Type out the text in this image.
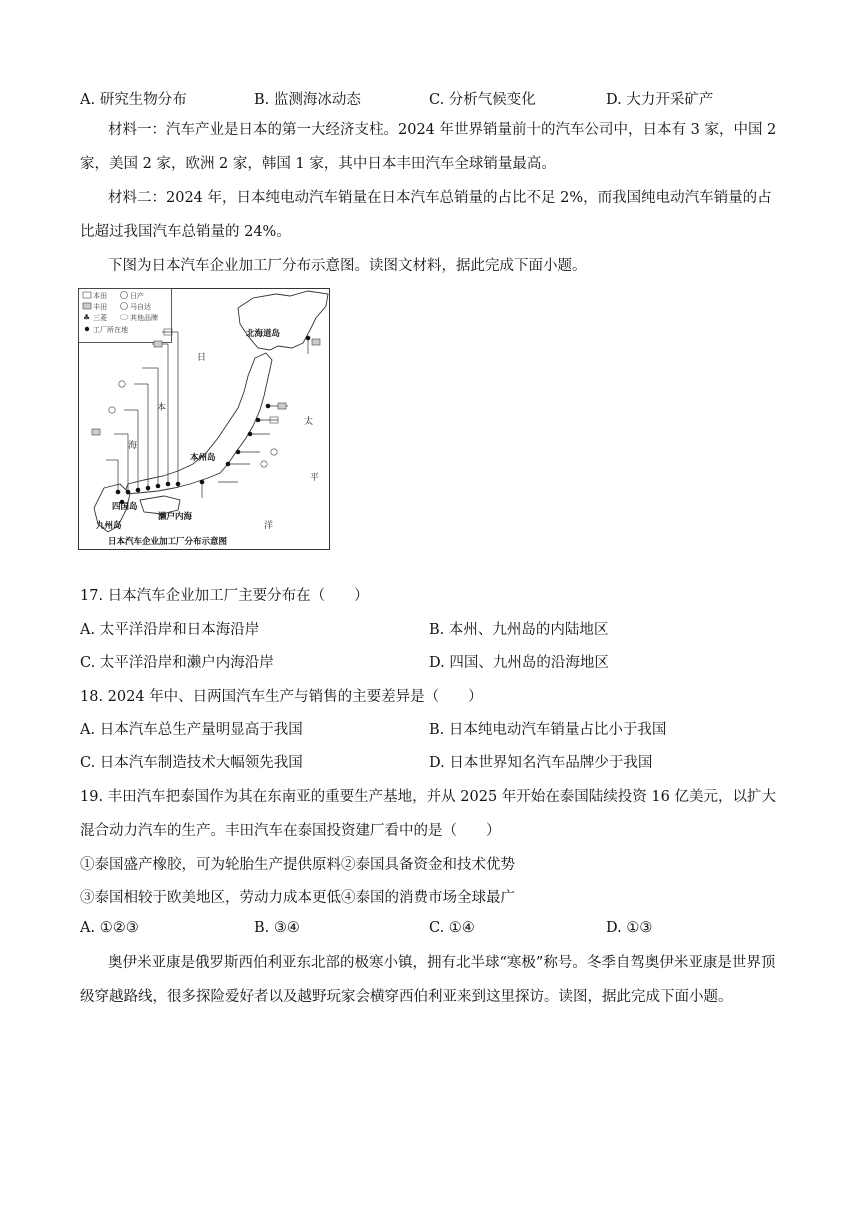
A. 研究生物分布	B. 监测海冰动态	C. 分析气候变化	D. 大力开采矿产
材料一：汽车产业是日本的第一大经济支柱。2024 年世界销量前十的汽车公司中，日本有 3 家，中国 2 家，美国 2 家，欧洲 2 家，韩国 1 家，其中日本丰田汽车全球销量最高。
材料二：2024 年，日本纯电动汽车销量在日本汽车总销量的占比不足 2%，而我国纯电动汽车销量的占比超过我国汽车总销量的 24%。
下图为日本汽车企业加工厂分布示意图。读图文材料，据此完成下面小题。
本田	日产
丰田	马自达
♣ 三菱	其他品牌
工厂所在地	北海道岛
本州岛
四国岛
九州岛
濑户内海
日
本
海
太
平
洋
日本汽车企业加工厂分布示意图
17. 日本汽车企业加工厂主要分布在（　　）
A. 太平洋沿岸和日本海沿岸	B. 本州、九州岛的内陆地区
C. 太平洋沿岸和濑户内海沿岸	D. 四国、九州岛的沿海地区
18. 2024 年中、日两国汽车生产与销售的主要差异是（　　）
A. 日本汽车总生产量明显高于我国	B. 日本纯电动汽车销量占比小于我国
C. 日本汽车制造技术大幅领先我国	D. 日本世界知名汽车品牌少于我国
19. 丰田汽车把泰国作为其在东南亚的重要生产基地，并从 2025 年开始在泰国陆续投资 16 亿美元，以扩大
混合动力汽车的生产。丰田汽车在泰国投资建厂看中的是（　　）
①泰国盛产橡胶，可为轮胎生产提供原料②泰国具备资金和技术优势
③泰国相较于欧美地区，劳动力成本更低④泰国的消费市场全球最广
A. ①②③	B. ③④	C. ①④	D. ①③
奥伊米亚康是俄罗斯西伯利亚东北部的极寒小镇，拥有北半球“寒极”称号。冬季自驾奥伊米亚康是世界顶级穿越路线，很多探险爱好者以及越野玩家会横穿西伯利亚来到这里探访。读图，据此完成下面小题。
